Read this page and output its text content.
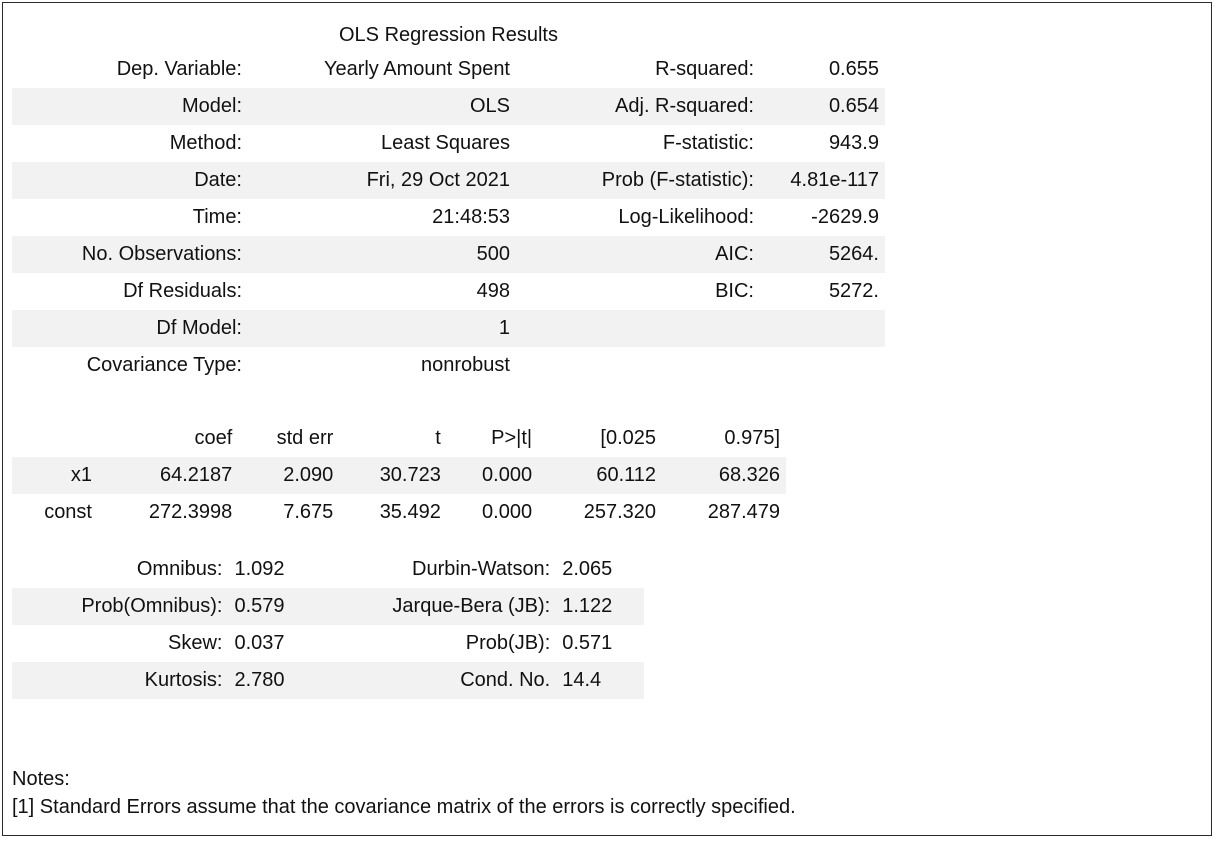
OLS Regression Results
Dep. Variable:	Yearly Amount Spent	R-squared:	0.655
Model:	OLS	Adj. R-squared:	0.654
Method:	Least Squares	F-statistic:	943.9
Date:	Fri, 29 Oct 2021	Prob (F-statistic):	4.81e-117
Time:	21:48:53	Log-Likelihood:	-2629.9
No. Observations:	500	AIC:	5264.
Df Residuals:	498	BIC:	5272.
Df Model:	1		
Covariance Type:	nonrobust		
	coef	std err	t	P>|t|	[0.025	0.975]
x1	64.2187	2.090	30.723	0.000	60.112	68.326
const	272.3998	7.675	35.492	0.000	257.320	287.479
Omnibus:	1.092	Durbin-Watson:	2.065
Prob(Omnibus):	0.579	Jarque-Bera (JB):	1.122
Skew:	0.037	Prob(JB):	0.571
Kurtosis:	2.780	Cond. No.	14.4
Notes:
[1] Standard Errors assume that the covariance matrix of the errors is correctly specified.
